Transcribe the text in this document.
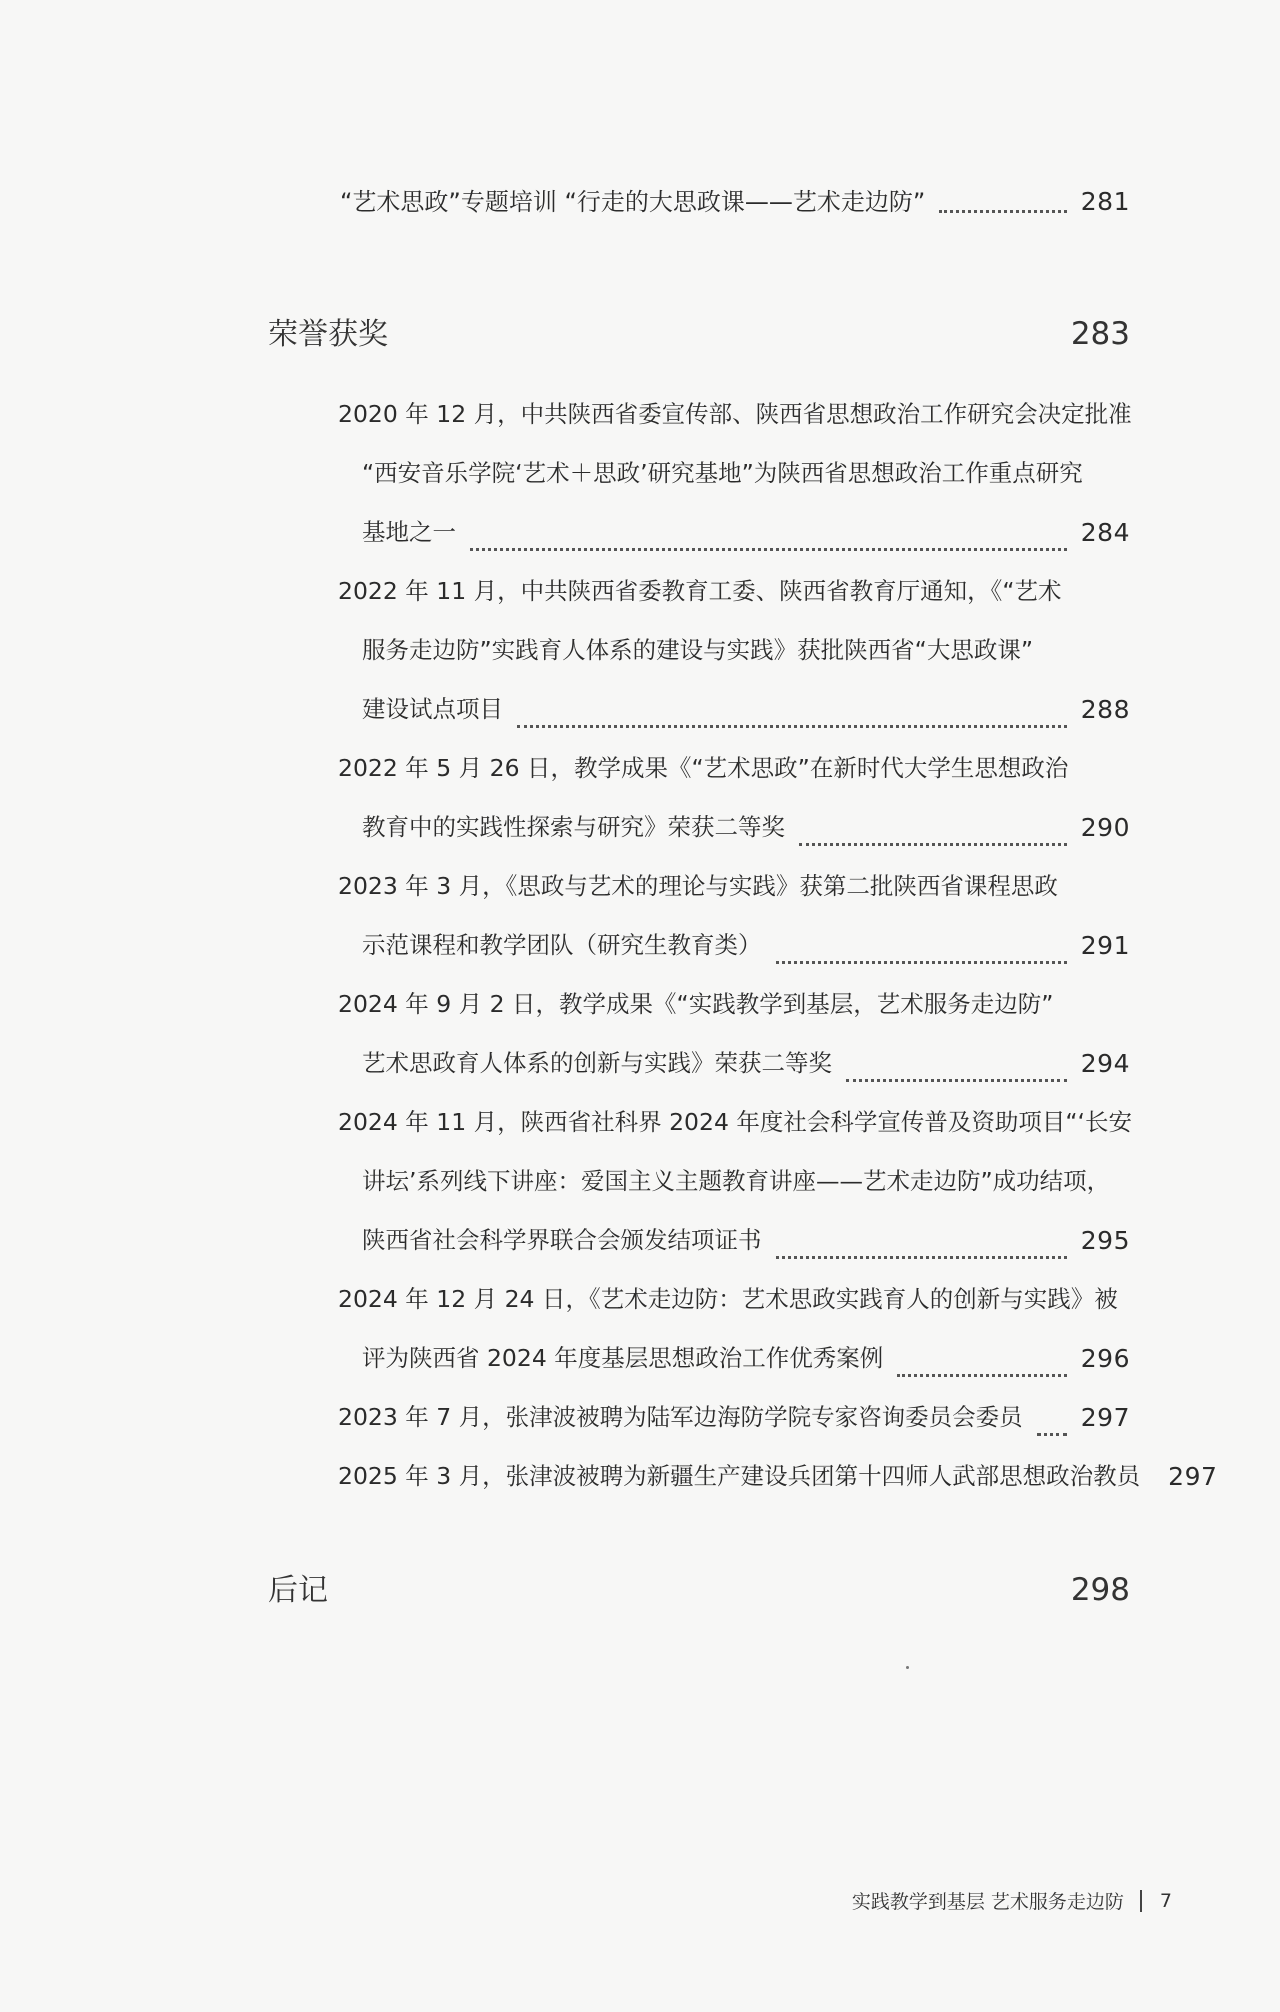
“艺术思政”专题培训 “行走的大思政课——艺术走边防”	281
荣誉获奖	283
2020 年 12 月，中共陕西省委宣传部、陕西省思想政治工作研究会决定批准
“西安音乐学院‘艺术＋思政’研究基地”为陕西省思想政治工作重点研究
基地之一	284
2022 年 11 月，中共陕西省委教育工委、陕西省教育厅通知，《“艺术
服务走边防”实践育人体系的建设与实践》获批陕西省“大思政课”
建设试点项目	288
2022 年 5 月 26 日，教学成果《“艺术思政”在新时代大学生思想政治
教育中的实践性探索与研究》荣获二等奖	290
2023 年 3 月，《思政与艺术的理论与实践》获第二批陕西省课程思政
示范课程和教学团队（研究生教育类）	291
2024 年 9 月 2 日，教学成果《“实践教学到基层，艺术服务走边防”
艺术思政育人体系的创新与实践》荣获二等奖	294
2024 年 11 月，陕西省社科界 2024 年度社会科学宣传普及资助项目“‘长安
讲坛’系列线下讲座：爱国主义主题教育讲座——艺术走边防”成功结项，
陕西省社会科学界联合会颁发结项证书	295
2024 年 12 月 24 日，《艺术走边防：艺术思政实践育人的创新与实践》被
评为陕西省 2024 年度基层思想政治工作优秀案例	296
2023 年 7 月，张津波被聘为陆军边海防学院专家咨询委员会委员 297
2025 年 3 月，张津波被聘为新疆生产建设兵团第十四师人武部思想政治教员 297
后记	298
实践教学到基层 艺术服务走边防 7
